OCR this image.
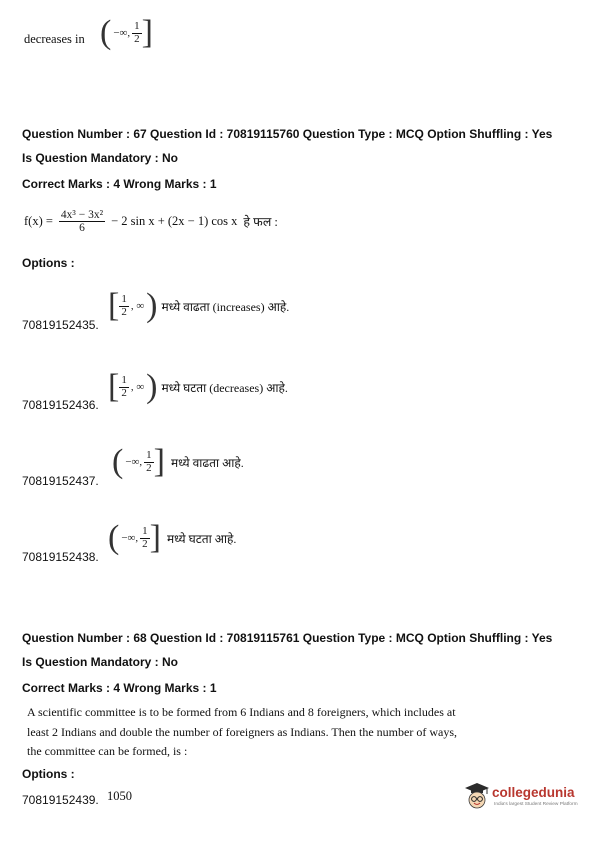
decreases in ( −∞, $\frac{1}{2}$ ]
Question Number : 67 Question Id : 70819115760 Question Type : MCQ Option Shuffling : Yes
Is Question Mandatory : No
Correct Marks : 4 Wrong Marks : 1
$f(x) = \frac{\text{4x³ − 3x²}}{6} - 2$ sin x + (2x − 1) cos x हे फल :
Options :
[ $\frac{1}{2}$ , ∞ ) मध्ये वाढता (increases) आहे.
70819152435.
[ $\frac{1}{2}$ , ∞ ) मध्ये घटता (decreases) आहे.
70819152436.
( −∞, $\frac{1}{2}$ ] मध्ये वाढता आहे.
70819152437.
( −∞, $\frac{1}{2}$ ] मध्ये घटता आहे.
70819152438.
Question Number : 68 Question Id : 70819115761 Question Type : MCQ Option Shuffling : Yes
Is Question Mandatory : No
Correct Marks : 4 Wrong Marks : 1
A scientific committee is to be formed from 6 Indians and 8 foreigners, which includes at
least 2 Indians and double the number of foreigners as Indians. Then the number of ways,
the committee can be formed, is :
Options :
70819152439. 1050	collegedunia
India's largest Student Review Platform
